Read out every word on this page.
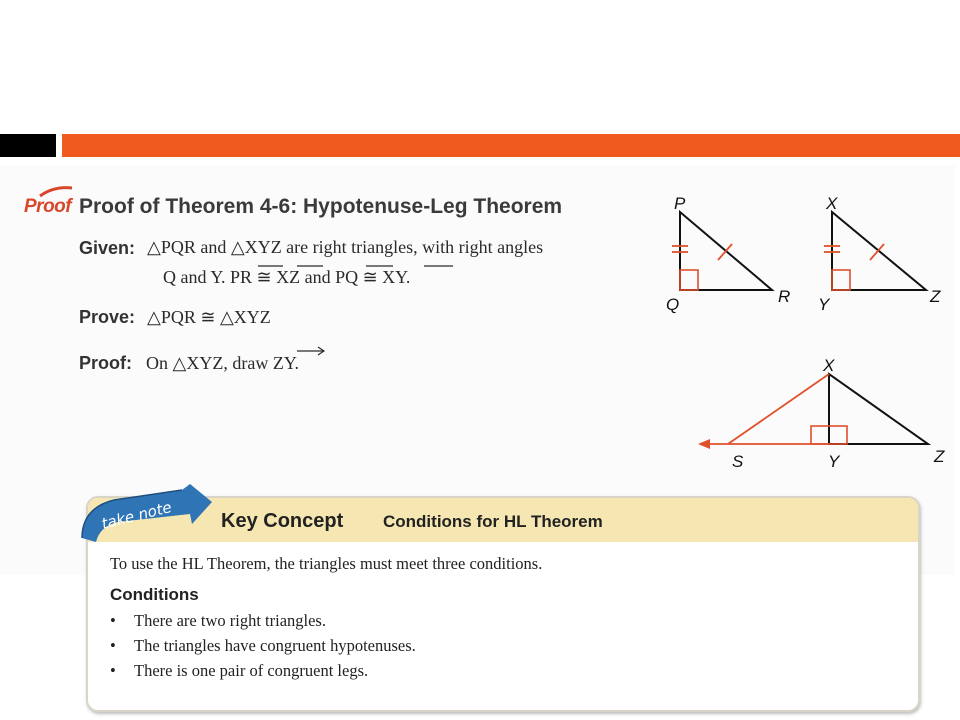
Proof Proof of Theorem 4-6: Hypotenuse-Leg Theorem
Given: △PQR and △XYZ are right triangles, with right angles
Q and Y. PR ≅ XZ and PQ ≅ XY.
Prove: △PQR ≅ △XYZ
Proof: On △XYZ, draw ZY.
P
Q	R
X
Y	Z
X
S	Y	Z
Key Concept Conditions for HL Theorem
take note
To use the HL Theorem, the triangles must meet three conditions.
Conditions
• There are two right triangles.
• The triangles have congruent hypotenuses.
• There is one pair of congruent legs.
